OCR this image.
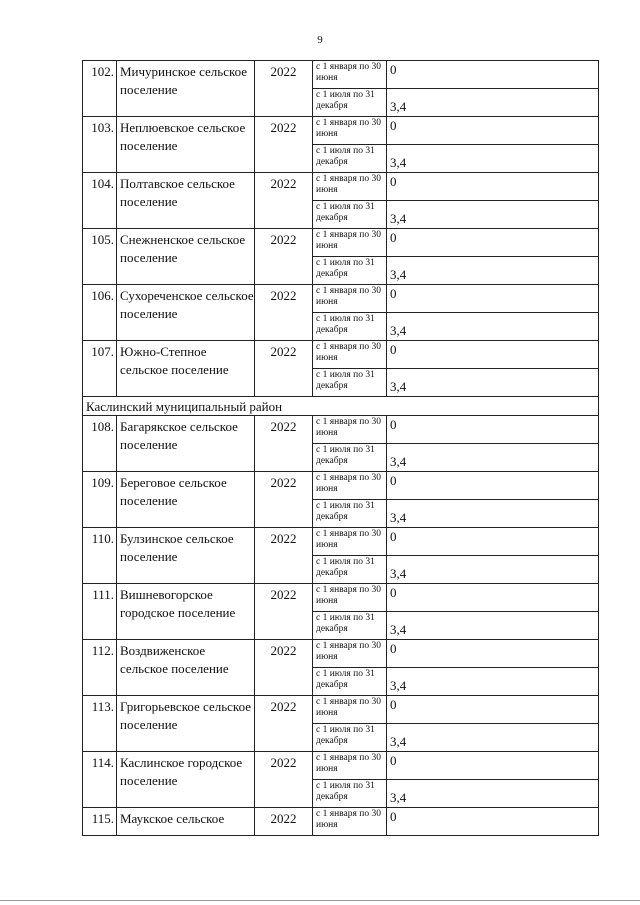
9
102.	Мичуринское сельское поселение	2022	с 1 января по 30 июня	0
			с 1 июля по 31 декабря	3,4
103.	Неплюевское сельское поселение	2022	с 1 января по 30 июня	0
			с 1 июля по 31 декабря	3,4
104.	Полтавское сельское поселение	2022	с 1 января по 30 июня	0
			с 1 июля по 31 декабря	3,4
105.	Снежненское сельское поселение	2022	с 1 января по 30 июня	0
			с 1 июля по 31 декабря	3,4
106.	Сухореченское сельское поселение	2022	с 1 января по 30 июня	0
			с 1 июля по 31 декабря	3,4
107.	Южно-Степное сельское поселение	2022	с 1 января по 30 июня	0
			с 1 июля по 31 декабря	3,4
Каслинский муниципальный район				
108.	Багарякское сельское поселение	2022	с 1 января по 30 июня	0
			с 1 июля по 31 декабря	3,4
109.	Береговое сельское поселение	2022	с 1 января по 30 июня	0
			с 1 июля по 31 декабря	3,4
110.	Булзинское сельское поселение	2022	с 1 января по 30 июня	0
			с 1 июля по 31 декабря	3,4
111.	Вишневогорское городское поселение	2022	с 1 января по 30 июня	0
			с 1 июля по 31 декабря	3,4
112.	Воздвиженское сельское поселение	2022	с 1 января по 30 июня	0
			с 1 июля по 31 декабря	3,4
113.	Григорьевское сельское поселение	2022	с 1 января по 30 июня	0
			с 1 июля по 31 декабря	3,4
114.	Каслинское городское поселение	2022	с 1 января по 30 июня	0
			с 1 июля по 31 декабря	3,4
115.	Маукское сельское	2022	с 1 января по 30 июня	0
